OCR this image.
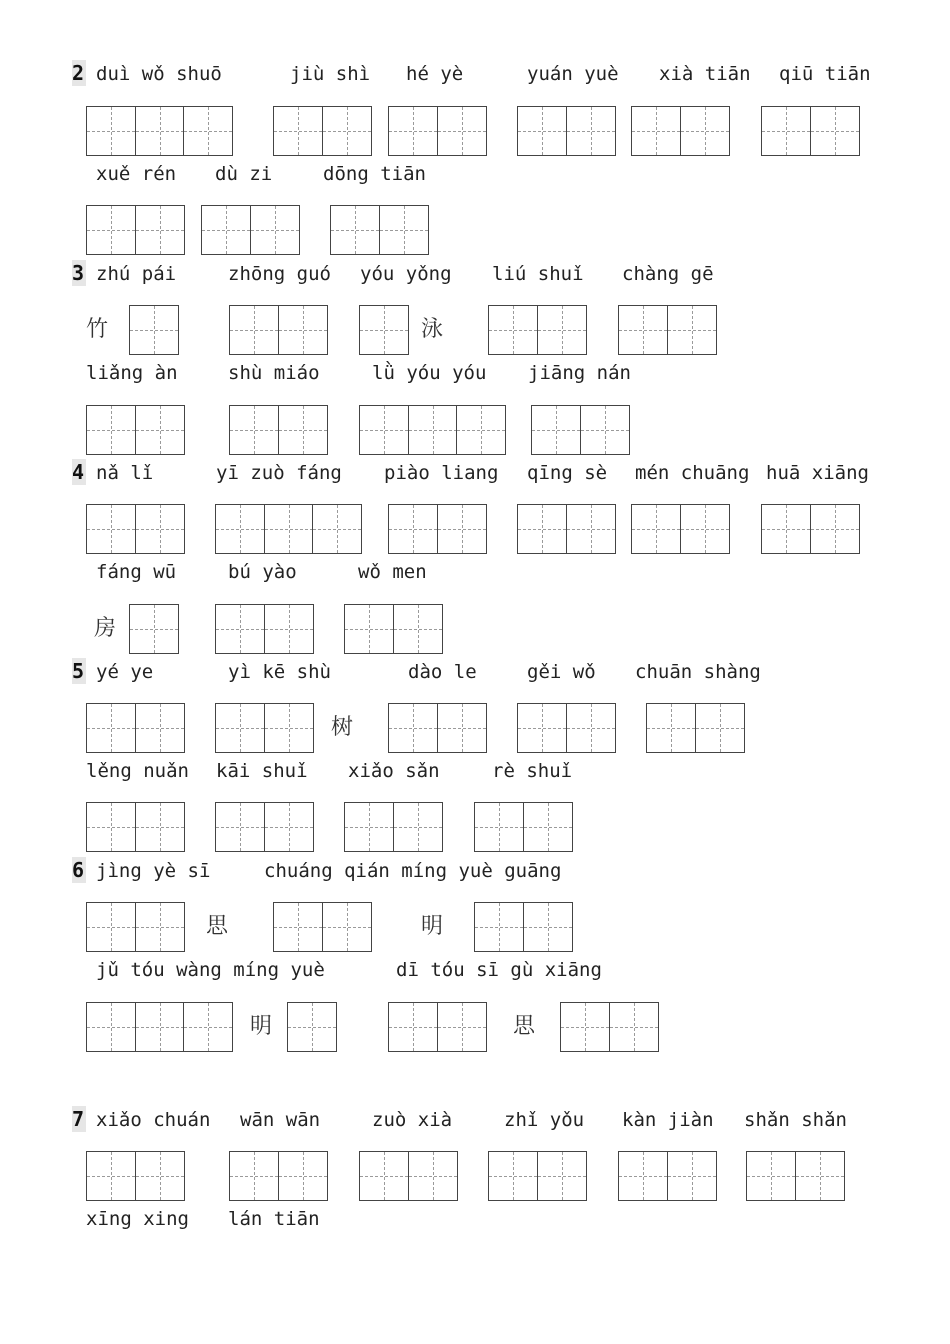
2 duì wǒ shuō	jiù shì hé yè	yuán yuè xià tiān qiū tiān
xuě rén dù zi	dōng tiān
3 zhú pái	zhōng guó yóu yǒng liú shuǐ chàng gē
竹	泳
liǎng àn	shù miáo	lǜ yóu yóu jiāng nán
4 nǎ lǐ	yī zuò fáng piào liang qīng sè mén chuāng huā xiāng
fáng wū	bú yào	wǒ men
房
5 yé ye	yì kē shù	dào le	gěi wǒ chuān shàng
树
lěng nuǎn kāi shuǐ xiǎo sǎn	rè shuǐ
6 jìng yè sī	chuáng qián míng yuè guāng
思	明
jǔ tóu wàng míng yuè	dī tóu sī gù xiāng
明	思
7 xiǎo chuán wān wān	zuò xià	zhǐ yǒu kàn jiàn shǎn shǎn
xīng xing lán tiān
